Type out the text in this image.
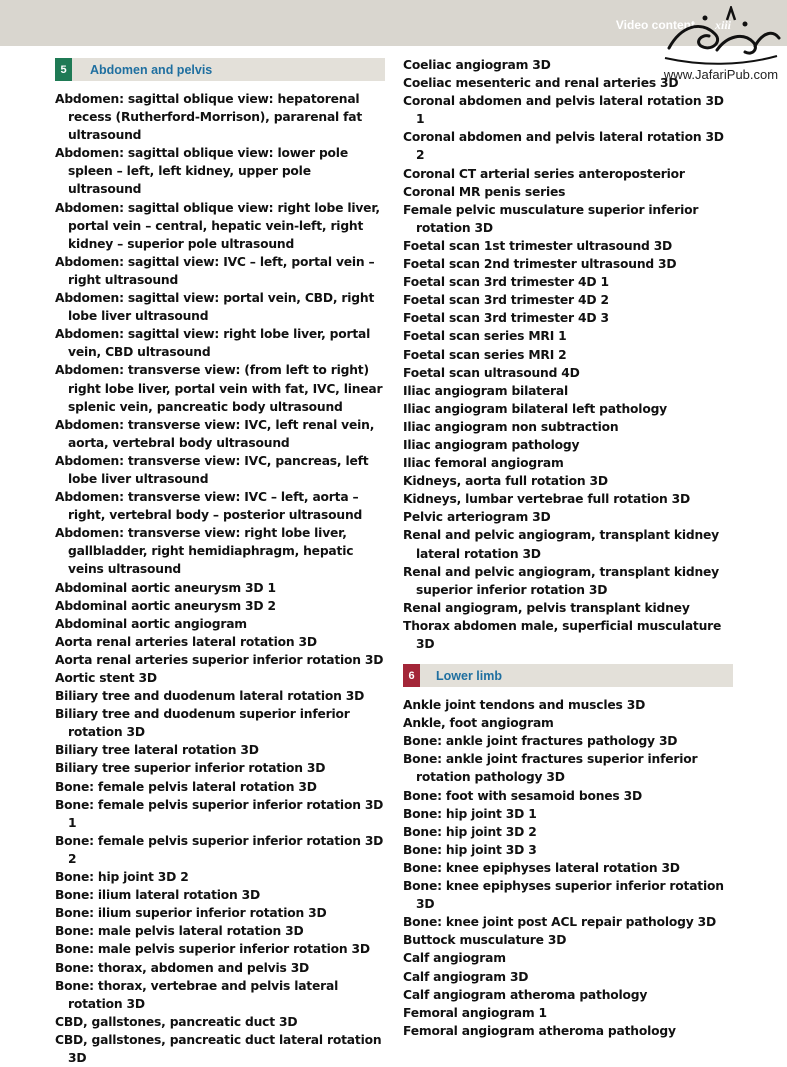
Video content xiii
www.JafariPub.com
5	Abdomen and pelvis
Abdomen: sagittal oblique view: hepatorenal recess (Rutherford-Morrison), pararenal fat ultrasound
Abdomen: sagittal oblique view: lower pole spleen – left, left kidney, upper pole ultrasound
Abdomen: sagittal oblique view: right lobe liver, portal vein – central, hepatic vein-left, right kidney – superior pole ultrasound
Abdomen: sagittal view: IVC – left, portal vein – right ultrasound
Abdomen: sagittal view: portal vein, CBD, right lobe liver ultrasound
Abdomen: sagittal view: right lobe liver, portal vein, CBD ultrasound
Abdomen: transverse view: (from left to right) right lobe liver, portal vein with fat, IVC, linear splenic vein, pancreatic body ultrasound
Abdomen: transverse view: IVC, left renal vein, aorta, vertebral body ultrasound
Abdomen: transverse view: IVC, pancreas, left lobe liver ultrasound
Abdomen: transverse view: IVC – left, aorta – right, vertebral body – posterior ultrasound
Abdomen: transverse view: right lobe liver, gallbladder, right hemidiaphragm, hepatic veins ultrasound
Abdominal aortic aneurysm 3D 1
Abdominal aortic aneurysm 3D 2
Abdominal aortic angiogram
Aorta renal arteries lateral rotation 3D
Aorta renal arteries superior inferior rotation 3D
Aortic stent 3D
Biliary tree and duodenum lateral rotation 3D
Biliary tree and duodenum superior inferior rotation 3D
Biliary tree lateral rotation 3D
Biliary tree superior inferior rotation 3D
Bone: female pelvis lateral rotation 3D
Bone: female pelvis superior inferior rotation 3D 1
Bone: female pelvis superior inferior rotation 3D 2
Bone: hip joint 3D 2
Bone: ilium lateral rotation 3D
Bone: ilium superior inferior rotation 3D
Bone: male pelvis lateral rotation 3D
Bone: male pelvis superior inferior rotation 3D
Bone: thorax, abdomen and pelvis 3D
Bone: thorax, vertebrae and pelvis lateral rotation 3D
CBD, gallstones, pancreatic duct 3D
CBD, gallstones, pancreatic duct lateral rotation 3D
Coeliac angiogram 3D
Coeliac mesenteric and renal arteries 3D
Coronal abdomen and pelvis lateral rotation 3D 1
Coronal abdomen and pelvis lateral rotation 3D 2
Coronal CT arterial series anteroposterior
Coronal MR penis series
Female pelvic musculature superior inferior rotation 3D
Foetal scan 1st trimester ultrasound 3D
Foetal scan 2nd trimester ultrasound 3D
Foetal scan 3rd trimester 4D 1
Foetal scan 3rd trimester 4D 2
Foetal scan 3rd trimester 4D 3
Foetal scan series MRI 1
Foetal scan series MRI 2
Foetal scan ultrasound 4D
Iliac angiogram bilateral
Iliac angiogram bilateral left pathology
Iliac angiogram non subtraction
Iliac angiogram pathology
Iliac femoral angiogram
Kidneys, aorta full rotation 3D
Kidneys, lumbar vertebrae full rotation 3D
Pelvic arteriogram 3D
Renal and pelvic angiogram, transplant kidney lateral rotation 3D
Renal and pelvic angiogram, transplant kidney superior inferior rotation 3D
Renal angiogram, pelvis transplant kidney
Thorax abdomen male, superficial musculature 3D
6	Lower limb
Ankle joint tendons and muscles 3D
Ankle, foot angiogram
Bone: ankle joint fractures pathology 3D
Bone: ankle joint fractures superior inferior rotation pathology 3D
Bone: foot with sesamoid bones 3D
Bone: hip joint 3D 1
Bone: hip joint 3D 2
Bone: hip joint 3D 3
Bone: knee epiphyses lateral rotation 3D
Bone: knee epiphyses superior inferior rotation 3D
Bone: knee joint post ACL repair pathology 3D
Buttock musculature 3D
Calf angiogram
Calf angiogram 3D
Calf angiogram atheroma pathology
Femoral angiogram 1
Femoral angiogram atheroma pathology
